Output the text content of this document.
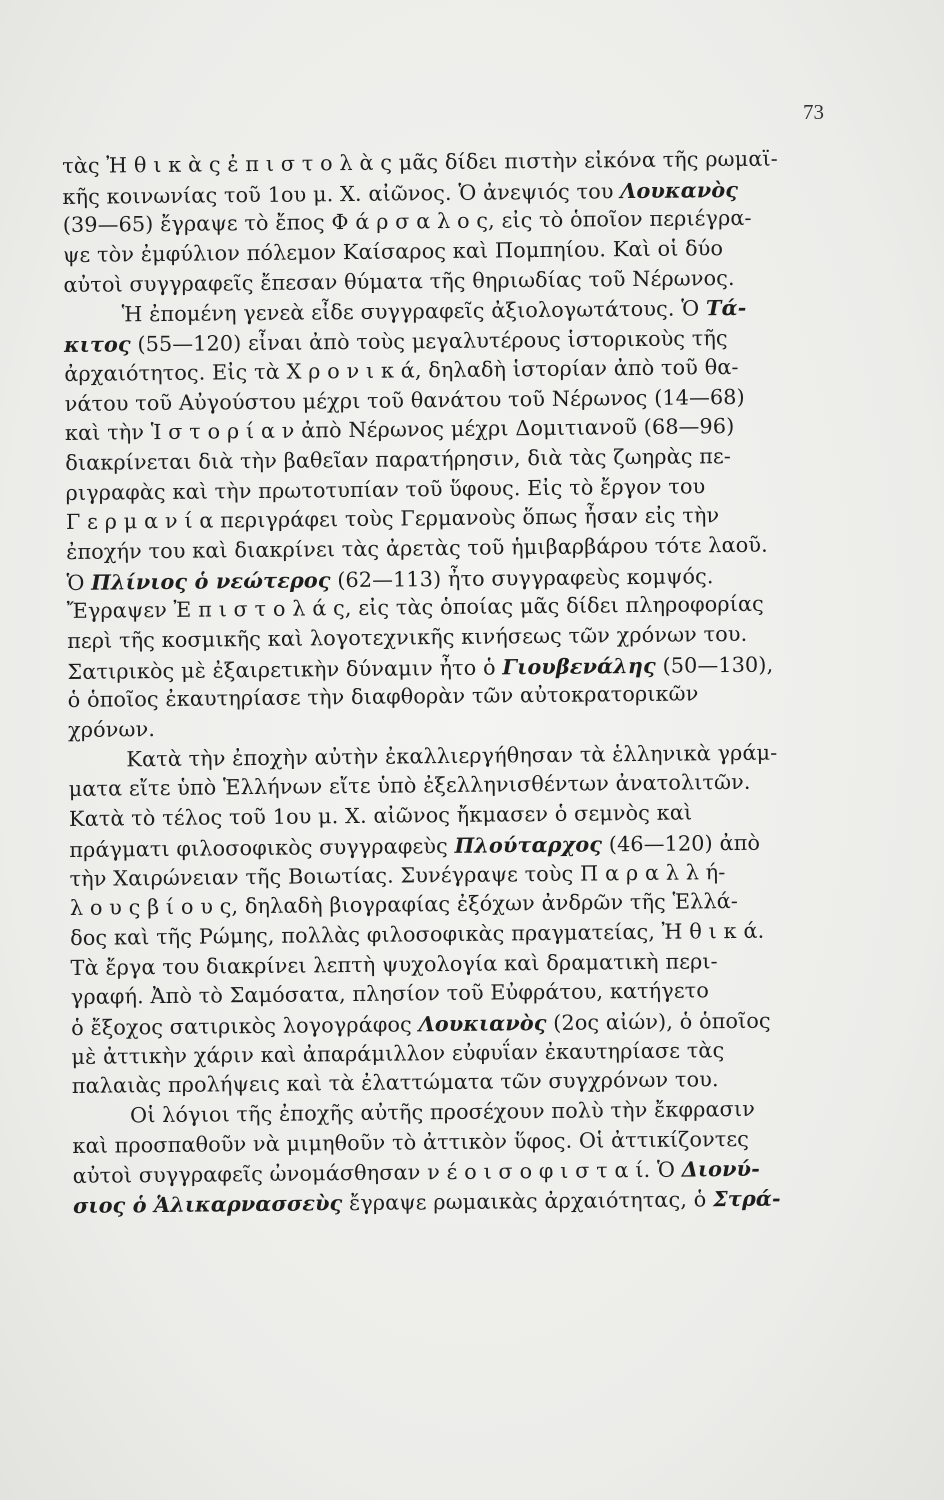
73
τὰς Ἠ θ ι κ ὰ ς ἐ π ι σ τ ο λ ὰ ς μᾶς δίδει πιστὴν εἰκόνα τῆς ρωμαϊ-
κῆς κοινωνίας τοῦ 1ου μ. Χ. αἰῶνος. Ὁ ἀνεψιός του Λουκανὸς
(39—65) ἔγραψε τὸ ἔπος Φ ά ρ σ α λ ο ς, εἰς τὸ ὁποῖον περιέγρα-
ψε τὸν ἐμφύλιον πόλεμον Καίσαρος καὶ Πομπηίου. Καὶ οἱ δύο
αὐτοὶ συγγραφεῖς ἔπεσαν θύματα τῆς θηριωδίας τοῦ Νέρωνος.
Ἡ ἐπομένη γενεὰ εἶδε συγγραφεῖς ἀξιολογωτάτους. Ὁ Τά-
κιτος (55—120) εἶναι ἀπὸ τοὺς μεγαλυτέρους ἱστορικοὺς τῆς
ἀρχαιότητος. Εἰς τὰ Χ ρ ο ν ι κ ά, δηλαδὴ ἱστορίαν ἀπὸ τοῦ θα-
νάτου τοῦ Αὐγούστου μέχρι τοῦ θανάτου τοῦ Νέρωνος (14—68)
καὶ τὴν Ἱ σ τ ο ρ ί α ν ἀπὸ Νέρωνος μέχρι Δομιτιανοῦ (68—96)
διακρίνεται διὰ τὴν βαθεῖαν παρατήρησιν, διὰ τὰς ζωηρὰς πε-
ριγραφὰς καὶ τὴν πρωτοτυπίαν τοῦ ὕφους. Εἰς τὸ ἔργον του
Γ ε ρ μ α ν ί α περιγράφει τοὺς Γερμανοὺς ὅπως ἦσαν εἰς τὴν
ἐποχήν του καὶ διακρίνει τὰς ἀρετὰς τοῦ ἡμιβαρβάρου τότε λαοῦ.
Ὁ Πλίνιος ὁ νεώτερος (62—113) ἦτο συγγραφεὺς κομψός.
Ἔγραψεν Ἐ π ι σ τ ο λ ά ς, εἰς τὰς ὁποίας μᾶς δίδει πληροφορίας
περὶ τῆς κοσμικῆς καὶ λογοτεχνικῆς κινήσεως τῶν χρόνων του.
Σατιρικὸς μὲ ἐξαιρετικὴν δύναμιν ἦτο ὁ Γιουβενάλης (50—130),
ὁ ὁποῖος ἐκαυτηρίασε τὴν διαφθορὰν τῶν αὐτοκρατορικῶν
χρόνων.
Κατὰ τὴν ἐποχὴν αὐτὴν ἐκαλλιεργήθησαν τὰ ἑλληνικὰ γράμ-
ματα εἴτε ὑπὸ Ἑλλήνων εἴτε ὑπὸ ἐξελληνισθέντων ἀνατολιτῶν.
Κατὰ τὸ τέλος τοῦ 1ου μ. Χ. αἰῶνος ἤκμασεν ὁ σεμνὸς καὶ
πράγματι φιλοσοφικὸς συγγραφεὺς Πλούταρχος (46—120) ἀπὸ
τὴν Χαιρώνειαν τῆς Βοιωτίας. Συνέγραψε τοὺς Π α ρ α λ λ ή-
λ ο υ ς β ί ο υ ς, δηλαδὴ βιογραφίας ἐξόχων ἀνδρῶν τῆς Ἑλλά-
δος καὶ τῆς Ρώμης, πολλὰς φιλοσοφικὰς πραγματείας, Ἠ θ ι κ ά.
Τὰ ἔργα του διακρίνει λεπτὴ ψυχολογία καὶ δραματικὴ περι-
γραφή. Ἀπὸ τὸ Σαμόσατα, πλησίον τοῦ Εὐφράτου, κατήγετο
ὁ ἔξοχος σατιρικὸς λογογράφος Λουκιανὸς (2ος αἰών), ὁ ὁποῖος
μὲ ἀττικὴν χάριν καὶ ἀπαράμιλλον εὐφυΐαν ἐκαυτηρίασε τὰς
παλαιὰς προλήψεις καὶ τὰ ἐλαττώματα τῶν συγχρόνων του.
Οἱ λόγιοι τῆς ἐποχῆς αὐτῆς προσέχουν πολὺ τὴν ἔκφρασιν
καὶ προσπαθοῦν νὰ μιμηθοῦν τὸ ἀττικὸν ὕφος. Οἱ ἀττικίζοντες
αὐτοὶ συγγραφεῖς ὠνομάσθησαν ν έ ο ι σ ο φ ι σ τ α ί. Ὁ Διονύ-
σιος ὁ Ἁλικαρνασσεὺς ἔγραψε ρωμαικὰς ἀρχαιότητας, ὁ Στρά-
